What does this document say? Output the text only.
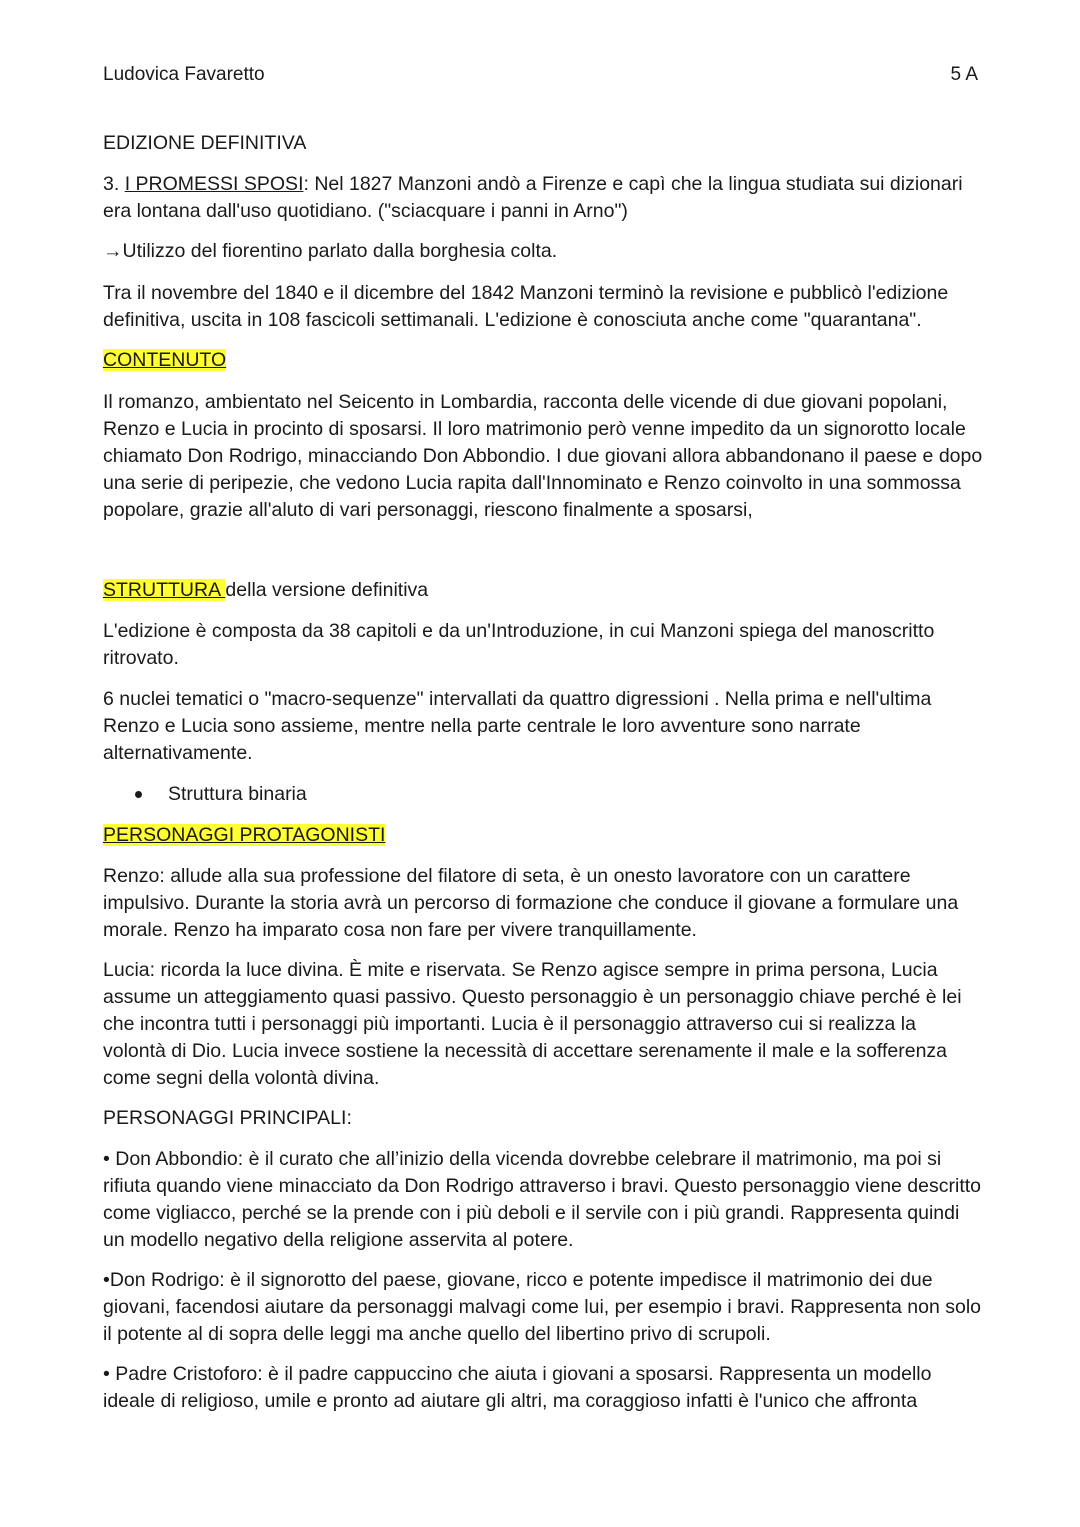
Ludovica Favaretto	5 A

EDIZIONE DEFINITIVA

3. I PROMESSI SPOSI: Nel 1827 Manzoni andò a Firenze e capì che la lingua studiata sui dizionari era lontana dall'uso quotidiano. ("sciacquare i panni in Arno")

→Utilizzo del fiorentino parlato dalla borghesia colta.

Tra il novembre del 1840 e il dicembre del 1842 Manzoni terminò la revisione e pubblicò l'edizione definitiva, uscita in 108 fascicoli settimanali. L'edizione è conosciuta anche come "quarantana".

CONTENUTO

Il romanzo, ambientato nel Seicento in Lombardia, racconta delle vicende di due giovani popolani, Renzo e Lucia in procinto di sposarsi. Il loro matrimonio però venne impedito da un signorotto locale chiamato Don Rodrigo, minacciando Don Abbondio. I due giovani allora abbandonano il paese e dopo una serie di peripezie, che vedono Lucia rapita dall'Innominato e Renzo coinvolto in una sommossa popolare, grazie all'aluto di vari personaggi, riescono finalmente a sposarsi,

STRUTTURA della versione definitiva

L'edizione è composta da 38 capitoli e da un'Introduzione, in cui Manzoni spiega del manoscritto ritrovato.

6 nuclei tematici o "macro-sequenze" intervallati da quattro digressioni . Nella prima e nell'ultima Renzo e Lucia sono assieme, mentre nella parte centrale le loro avventure sono narrate alternativamente.

Struttura binaria

PERSONAGGI PROTAGONISTI

Renzo: allude alla sua professione del filatore di seta, è un onesto lavoratore con un carattere impulsivo. Durante la storia avrà un percorso di formazione che conduce il giovane a formulare una morale. Renzo ha imparato cosa non fare per vivere tranquillamente.

Lucia: ricorda la luce divina. È mite e riservata. Se Renzo agisce sempre in prima persona, Lucia assume un atteggiamento quasi passivo. Questo personaggio è un personaggio chiave perché è lei che incontra tutti i personaggi più importanti. Lucia è il personaggio attraverso cui si realizza la volontà di Dio. Lucia invece sostiene la necessità di accettare serenamente il male e la sofferenza come segni della volontà divina.

PERSONAGGI PRINCIPALI:

• Don Abbondio: è il curato che all’inizio della vicenda dovrebbe celebrare il matrimonio, ma poi si rifiuta quando viene minacciato da Don Rodrigo attraverso i bravi. Questo personaggio viene descritto come vigliacco, perché se la prende con i più deboli e il servile con i più grandi. Rappresenta quindi un modello negativo della religione asservita al potere.

•Don Rodrigo: è il signorotto del paese, giovane, ricco e potente impedisce il matrimonio dei due giovani, facendosi aiutare da personaggi malvagi come lui, per esempio i bravi. Rappresenta non solo il potente al di sopra delle leggi ma anche quello del libertino privo di scrupoli.

• Padre Cristoforo: è il padre cappuccino che aiuta i giovani a sposarsi. Rappresenta un modello ideale di religioso, umile e pronto ad aiutare gli altri, ma coraggioso infatti è l'unico che affronta
